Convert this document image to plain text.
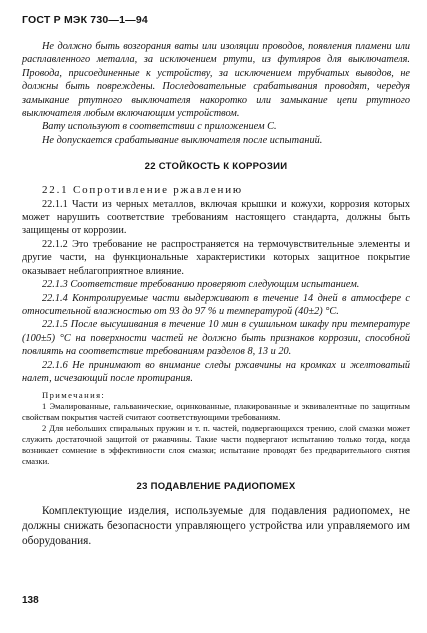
ГОСТ Р МЭК 730—1—94

Не должно быть возгорания ваты или изоляции проводов, появления пламени или расплавленного металла, за исключением ртути, из футляров для выключателя. Провода, присоединенные к устройству, за исключением трубчатых выводов, не должны быть повреждены. Последовательные срабатывания проводят, чередуя замыкание ртутного выключателя накоротко или замыкание цепи ртутного выключателя любым включающим устройством.

Вату используют в соответствии с приложением С.

Не допускается срабатывание выключателя после испытаний.

22 СТОЙКОСТЬ К КОРРОЗИИ

22.1 Сопротивление ржавлению

22.1.1 Части из черных металлов, включая крышки и кожухи, коррозия которых может нарушить соответствие требованиям настоящего стандарта, должны быть защищены от коррозии.

22.1.2 Это требование не распространяется на термочувствительные элементы и другие части, на функциональные характеристики которых защитное покрытие оказывает неблагоприятное влияние.

22.1.3 Соответствие требованию проверяют следующим испытанием.

22.1.4 Контролируемые части выдерживают в течение 14 дней в атмосфере с относительной влажностью от 93 до 97 % и температурой (40±2) °С.

22.1.5 После высушивания в течение 10 мин в сушильном шкафу при температуре (100±5) °С на поверхности частей не должно быть признаков коррозии, способной повлиять на соответствие требованиям разделов 8, 13 и 20.

22.1.6 Не принимают во внимание следы ржавчины на кромках и желтоватый налет, исчезающий после протирания.

Примечания:

1 Эмалированные, гальванические, оцинкованные, плакированные и эквивалентные по защитным свойствам покрытия частей считают соответствующими требованиям.

2 Для небольших спиральных пружин и т. п. частей, подвергающихся трению, слой смазки может служить достаточной защитой от ржавчины. Такие части подвергают испытанию только тогда, когда возникает сомнение в эффективности слоя смазки; испытание проводят без предварительного снятия смазки.

23 ПОДАВЛЕНИЕ РАДИОПОМЕХ

Комплектующие изделия, используемые для подавления радиопомех, не должны снижать безопасности управляющего устройства или управляемого им оборудования.

138
